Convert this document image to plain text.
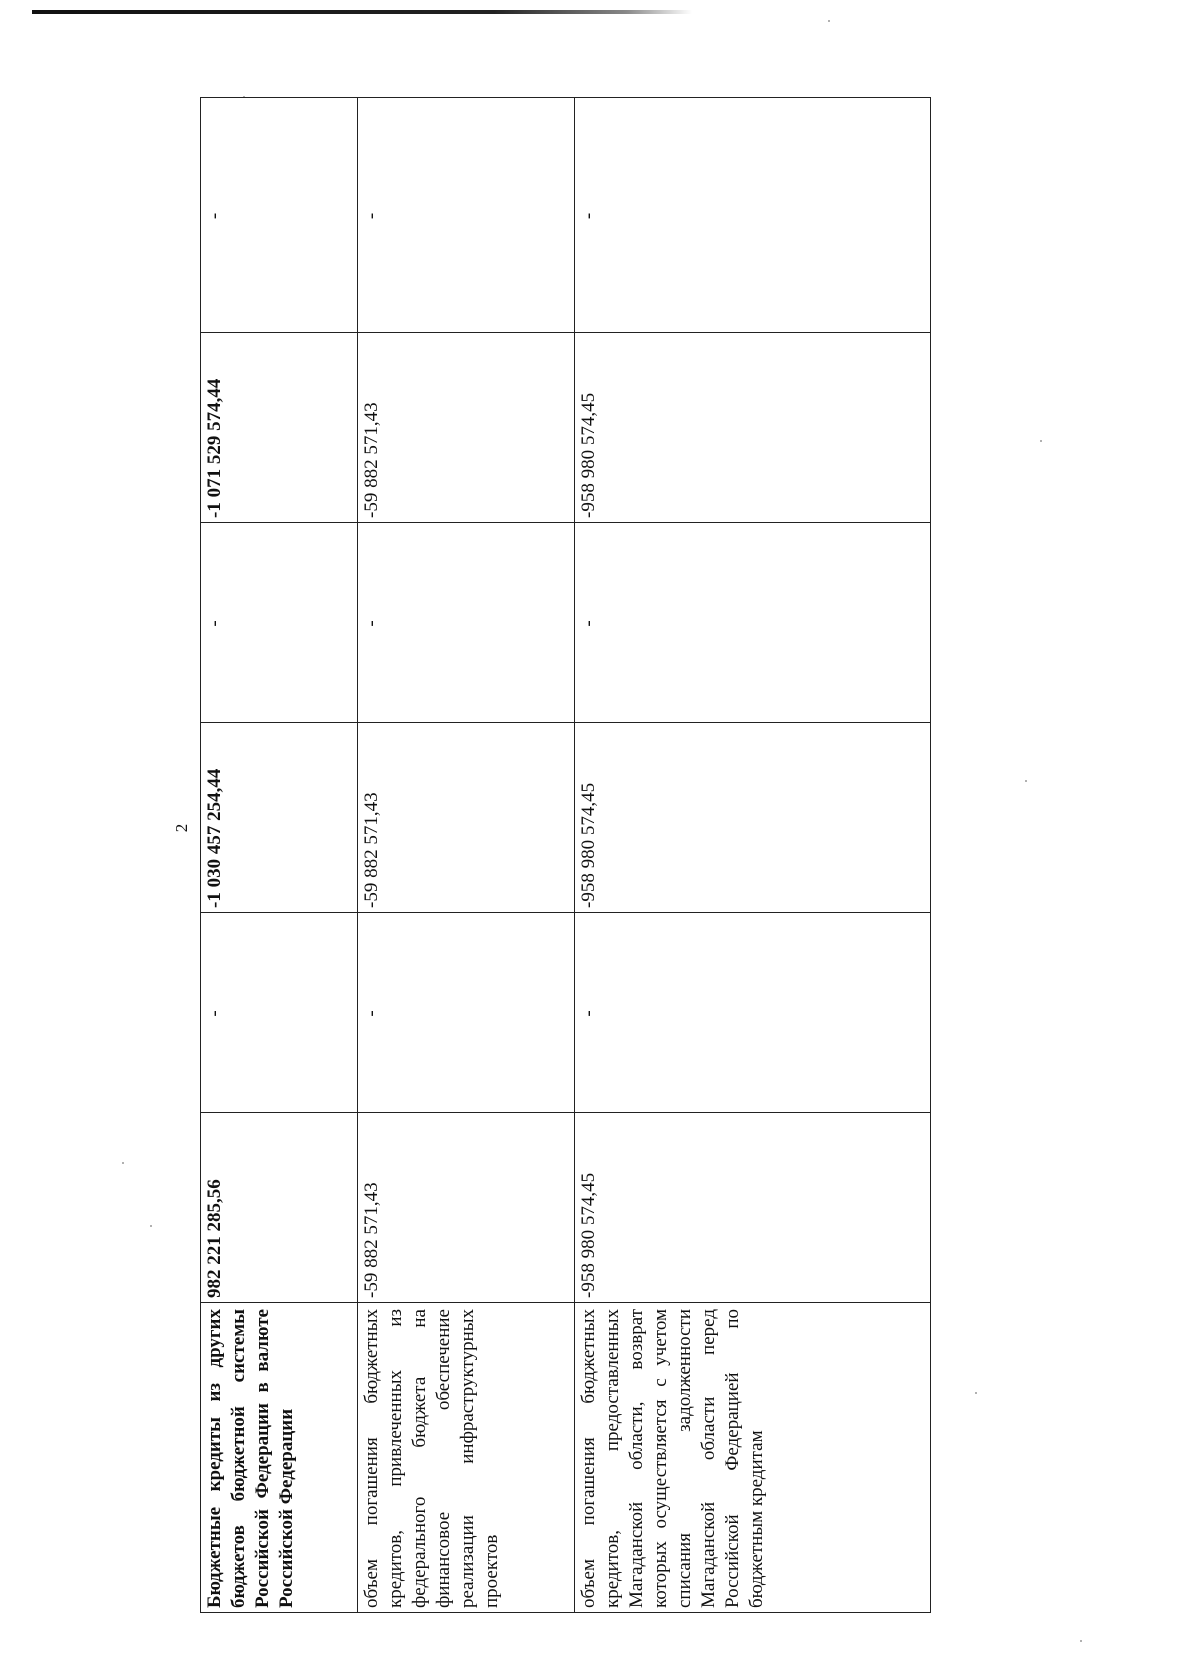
2
Бюджетные кредиты из других бюджетов бюджетной системы Российской Федерации в валюте Российской Федерации	982 221 285,56	-	-1 030 457 254,44	-	-1 071 529 574,44	-
объем погашения бюджетных кредитов, привлеченных из федерального бюджета на финансовое обеспечение реализации инфраструктурных проектов	-59 882 571,43	-	-59 882 571,43	-	-59 882 571,43	-
объем погашения бюджетных кредитов, предоставленных Магаданской области, возврат которых осуществляется с учетом списания задолженности Магаданской области перед Российской Федерацией по бюджетным кредитам	-958 980 574,45	-	-958 980 574,45	-	-958 980 574,45	-
